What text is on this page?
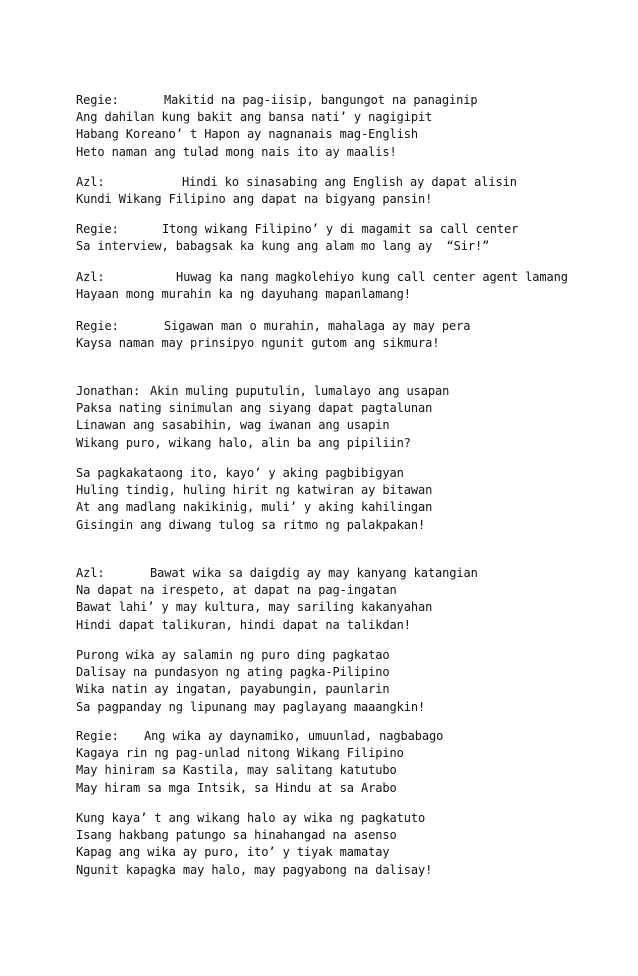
Regie:	Makitid na pag-iisip, bangungot na panaginip
Ang dahilan kung bakit ang bansa nati’ y nagigipit
Habang Koreano’ t Hapon ay nagnanais mag-English
Heto naman ang tulad mong nais ito ay maalis!
Azl:	Hindi ko sinasabing ang English ay dapat alisin
Kundi Wikang Filipino ang dapat na bigyang pansin!
Regie:	Itong wikang Filipino’ y di magamit sa call center
Sa interview, babagsak ka kung ang alam mo lang ay  “Sir!”
Azl:	Huwag ka nang magkolehiyo kung call center agent lamang
Hayaan mong murahin ka ng dayuhang mapanlamang!
Regie:	Sigawan man o murahin, mahalaga ay may pera
Kaysa naman may prinsipyo ngunit gutom ang sikmura!
Jonathan: Akin muling puputulin, lumalayo ang usapan
Paksa nating sinimulan ang siyang dapat pagtalunan
Linawan ang sasabihin, wag iwanan ang usapin
Wikang puro, wikang halo, alin ba ang pipiliin?
Sa pagkakataong ito, kayo’ y aking pagbibigyan
Huling tindig, huling hirit ng katwiran ay bitawan
At ang madlang nakikinig, muli’ y aking kahilingan
Gisingin ang diwang tulog sa ritmo ng palakpakan!
Azl:	Bawat wika sa daigdig ay may kanyang katangian
Na dapat na irespeto, at dapat na pag-ingatan
Bawat lahi’ y may kultura, may sariling kakanyahan
Hindi dapat talikuran, hindi dapat na talikdan!
Purong wika ay salamin ng puro ding pagkatao
Dalisay na pundasyon ng ating pagka-Pilipino
Wika natin ay ingatan, payabungin, paunlarin
Sa pagpanday ng lipunang may paglayang maaangkin!
Regie: Ang wika ay daynamiko, umuunlad, nagbabago
Kagaya rin ng pag-unlad nitong Wikang Filipino
May hiniram sa Kastila, may salitang katutubo
May hiram sa mga Intsik, sa Hindu at sa Arabo
Kung kaya’ t ang wikang halo ay wika ng pagkatuto
Isang hakbang patungo sa hinahangad na asenso
Kapag ang wika ay puro, ito’ y tiyak mamatay
Ngunit kapagka may halo, may pagyabong na dalisay!
